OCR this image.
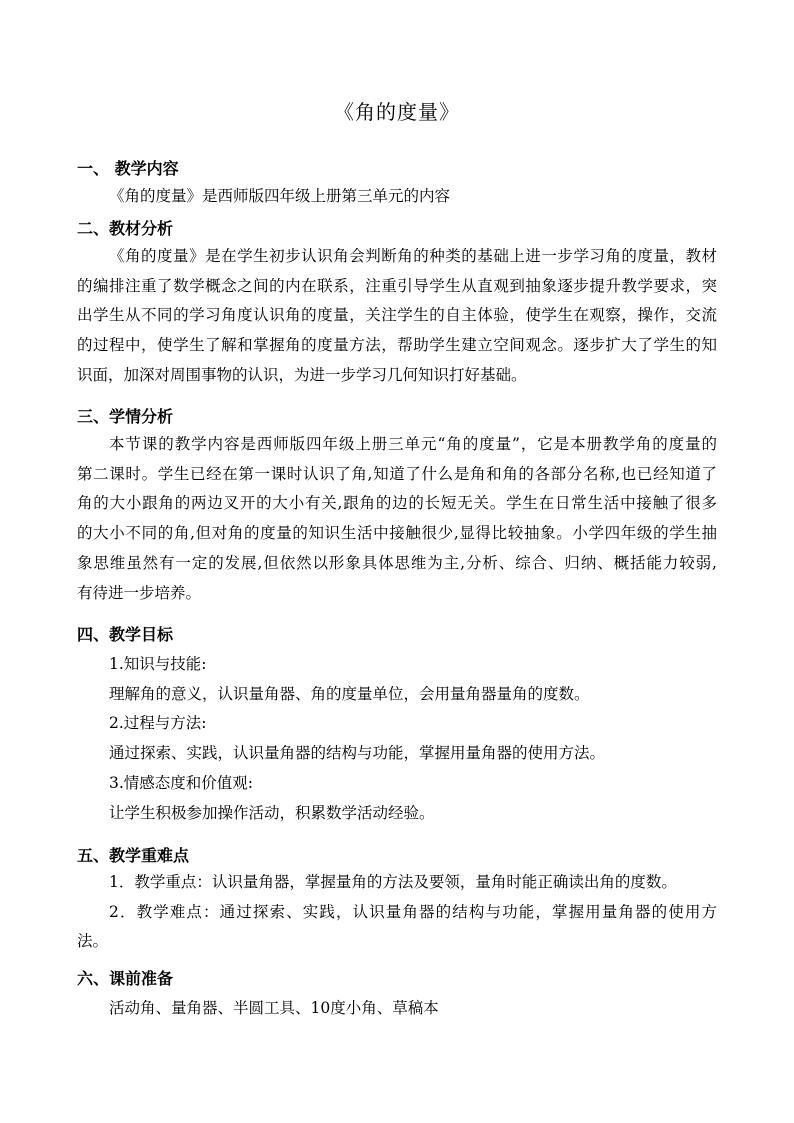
《角的度量》
一、 教学内容
《角的度量》是西师版四年级上册第三单元的内容
二、教材分析
《角的度量》是在学生初步认识角会判断角的种类的基础上进一步学习角的度量，教材
的编排注重了数学概念之间的内在联系，注重引导学生从直观到抽象逐步提升教学要求，突
出学生从不同的学习角度认识角的度量，关注学生的自主体验，使学生在观察，操作，交流
的过程中，使学生了解和掌握角的度量方法，帮助学生建立空间观念。逐步扩大了学生的知
识面，加深对周围事物的认识，为进一步学习几何知识打好基础。
三、学情分析
本节课的教学内容是西师版四年级上册三单元“角的度量”，它是本册教学角的度量的
第二课时。学生已经在第一课时认识了角,知道了什么是角和角的各部分名称,也已经知道了
角的大小跟角的两边叉开的大小有关,跟角的边的长短无关。学生在日常生活中接触了很多
的大小不同的角,但对角的度量的知识生活中接触很少,显得比较抽象。小学四年级的学生抽
象思维虽然有一定的发展,但依然以形象具体思维为主,分析、综合、归纳、概括能力较弱,
有待进一步培养。
四、教学目标
1.知识与技能:
理解角的意义，认识量角器、角的度量单位，会用量角器量角的度数。
2.过程与方法:
通过探索、实践，认识量角器的结构与功能，掌握用量角器的使用方法。
3.情感态度和价值观:
让学生积极参加操作活动，积累数学活动经验。
五、教学重难点
1．教学重点：认识量角器，掌握量角的方法及要领，量角时能正确读出角的度数。
2．教学难点：通过探索、实践，认识量角器的结构与功能，掌握用量角器的使用方
法。
六、课前准备
活动角、量角器、半圆工具、10度小角、草稿本
